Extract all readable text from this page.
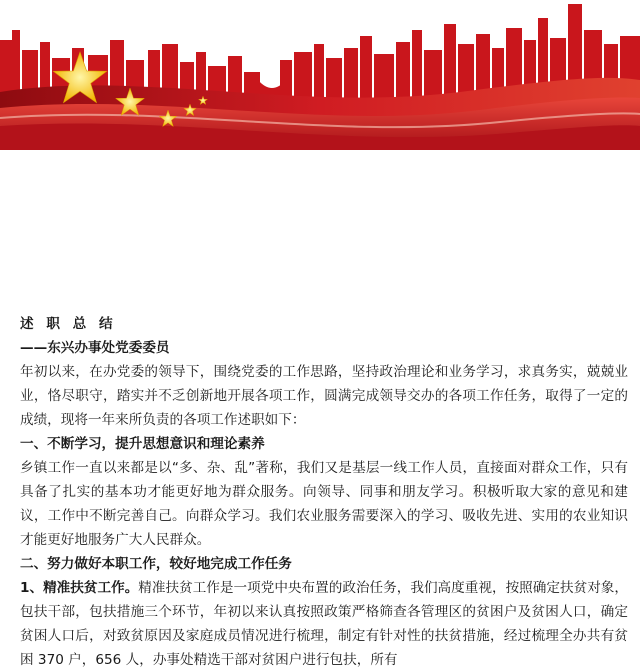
述 职 总 结

——东兴办事处党委委员

年初以来，在办党委的领导下，围绕党委的工作思路，坚持政治理论和业务学习，求真务实，兢兢业业，恪尽职守，踏实并不乏创新地开展各项工作，圆满完成领导交办的各项工作任务，取得了一定的成绩，现将一年来所负责的各项工作述职如下：

一、不断学习，提升思想意识和理论素养

乡镇工作一直以来都是以“多、杂、乱”著称，我们又是基层一线工作人员，直接面对群众工作，只有具备了扎实的基本功才能更好地为群众服务。向领导、同事和朋友学习。积极听取大家的意见和建议，工作中不断完善自己。向群众学习。我们农业服务需要深入的学习、吸收先进、实用的农业知识才能更好地服务广大人民群众。

二、努力做好本职工作，较好地完成工作任务

1、精准扶贫工作。精准扶贫工作是一项党中央布置的政治任务，我们高度重视，按照确定扶贫对象，包扶干部，包扶措施三个环节，年初以来认真按照政策严格筛查各管理区的贫困户及贫困人口，确定贫困人口后，对致贫原因及家庭成员情况进行梳理，制定有针对性的扶贫措施，经过梳理全办共有贫困 370 户，656 人，办事处精选干部对贫困户进行包扶，所有
